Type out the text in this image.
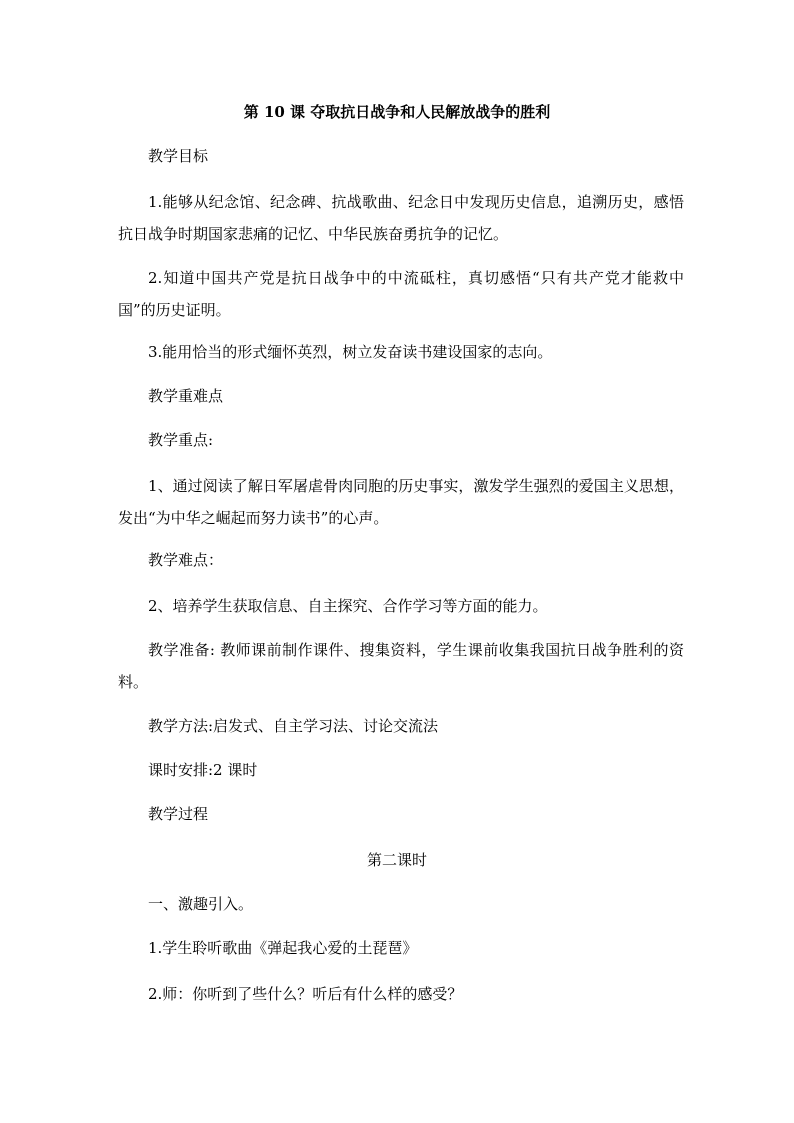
第 10 课 夺取抗日战争和人民解放战争的胜利
教学目标
1.能够从纪念馆、纪念碑、抗战歌曲、纪念日中发现历史信息，追溯历史，感悟抗日战争时期国家悲痛的记忆、中华民族奋勇抗争的记忆。
2.知道中国共产党是抗日战争中的中流砥柱，真切感悟“只有共产党才能救中国”的历史证明。
3.能用恰当的形式缅怀英烈，树立发奋读书建设国家的志向。
教学重难点
教学重点:
1、通过阅读了解日军屠虐骨肉同胞的历史事实，激发学生强烈的爱国主义思想，发出“为中华之崛起而努力读书”的心声。
教学难点：
2、培养学生获取信息、自主探究、合作学习等方面的能力。
教学准备: 教师课前制作课件、搜集资料，学生课前收集我国抗日战争胜利的资料。
教学方法:启发式、自主学习法、讨论交流法
课时安排:2 课时
教学过程
第二课时
一、激趣引入。
1.学生聆听歌曲《弹起我心爱的土琵琶》
2.师：你听到了些什么？听后有什么样的感受？
